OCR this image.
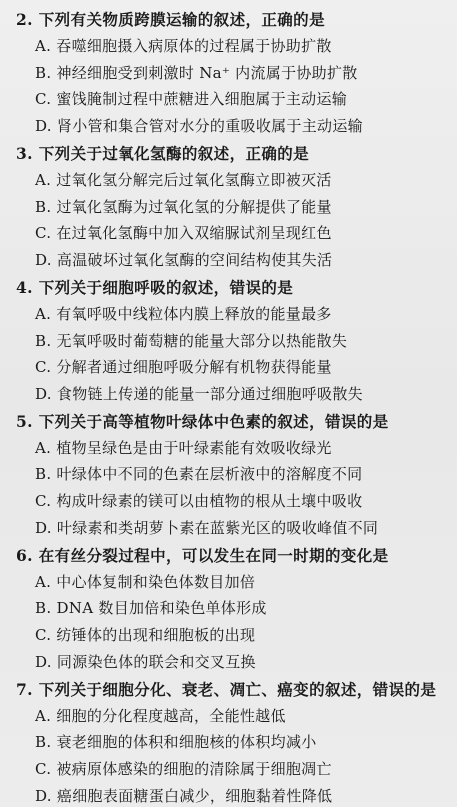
2. 下列有关物质跨膜运输的叙述，正确的是
A. 吞噬细胞摄入病原体的过程属于协助扩散
B. 神经细胞受到刺激时 Na⁺ 内流属于协助扩散
C. 蜜饯腌制过程中蔗糖进入细胞属于主动运输
D. 肾小管和集合管对水分的重吸收属于主动运输
3. 下列关于过氧化氢酶的叙述，正确的是
A. 过氧化氢分解完后过氧化氢酶立即被灭活
B. 过氧化氢酶为过氧化氢的分解提供了能量
C. 在过氧化氢酶中加入双缩脲试剂呈现红色
D. 高温破坏过氧化氢酶的空间结构使其失活
4. 下列关于细胞呼吸的叙述，错误的是
A. 有氧呼吸中线粒体内膜上释放的能量最多
B. 无氧呼吸时葡萄糖的能量大部分以热能散失
C. 分解者通过细胞呼吸分解有机物获得能量
D. 食物链上传递的能量一部分通过细胞呼吸散失
5. 下列关于高等植物叶绿体中色素的叙述，错误的是
A. 植物呈绿色是由于叶绿素能有效吸收绿光
B. 叶绿体中不同的色素在层析液中的溶解度不同
C. 构成叶绿素的镁可以由植物的根从土壤中吸收
D. 叶绿素和类胡萝卜素在蓝紫光区的吸收峰值不同
6. 在有丝分裂过程中，可以发生在同一时期的变化是
A. 中心体复制和染色体数目加倍
B. DNA 数目加倍和染色单体形成
C. 纺锤体的出现和细胞板的出现
D. 同源染色体的联会和交叉互换
7. 下列关于细胞分化、衰老、凋亡、癌变的叙述，错误的是
A. 细胞的分化程度越高，全能性越低
B. 衰老细胞的体积和细胞核的体积均减小
C. 被病原体感染的细胞的清除属于细胞凋亡
D. 癌细胞表面糖蛋白减少，细胞黏着性降低
